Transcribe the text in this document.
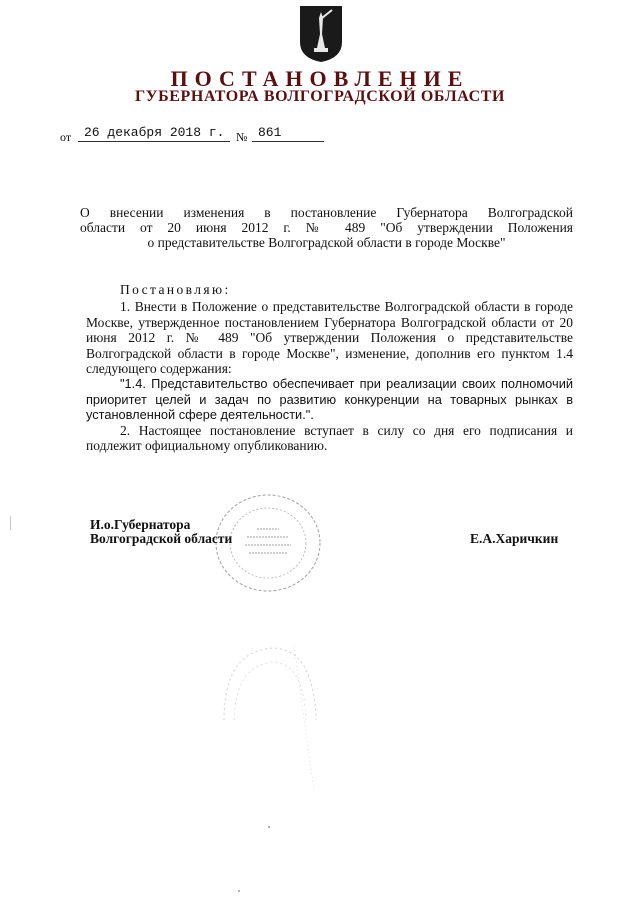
ПОСТАНОВЛЕНИЕ
ГУБЕРНАТОРА ВОЛГОГРАДСКОЙ ОБЛАСТИ
от 26 декабря 2018 г. № 861

О внесении изменения в постановление Губернатора Волгоградской

области от 20 июня 2012 г. № 489 "Об утверждении Положения

о представительстве Волгоградской области в городе Москве"

Постановляю:

1. Внести в Положение о представительстве Волгоградской области в городе Москве, утвержденное постановлением Губернатора Волгоградской области от 20 июня 2012 г. № 489 "Об утверждении Положения о представительстве Волгоградской области в городе Москве", изменение, дополнив его пунктом 1.4 следующего содержания:

"1.4. Представительство обеспечивает при реализации своих полномочий приоритет целей и задач по развитию конкуренции на товарных рынках в установленной сфере деятельности.".

2. Настоящее постановление вступает в силу со дня его подписания и подлежит официальному опубликованию.

И.о.Губернатора
Волгоградской области	Е.А.Харичкин
